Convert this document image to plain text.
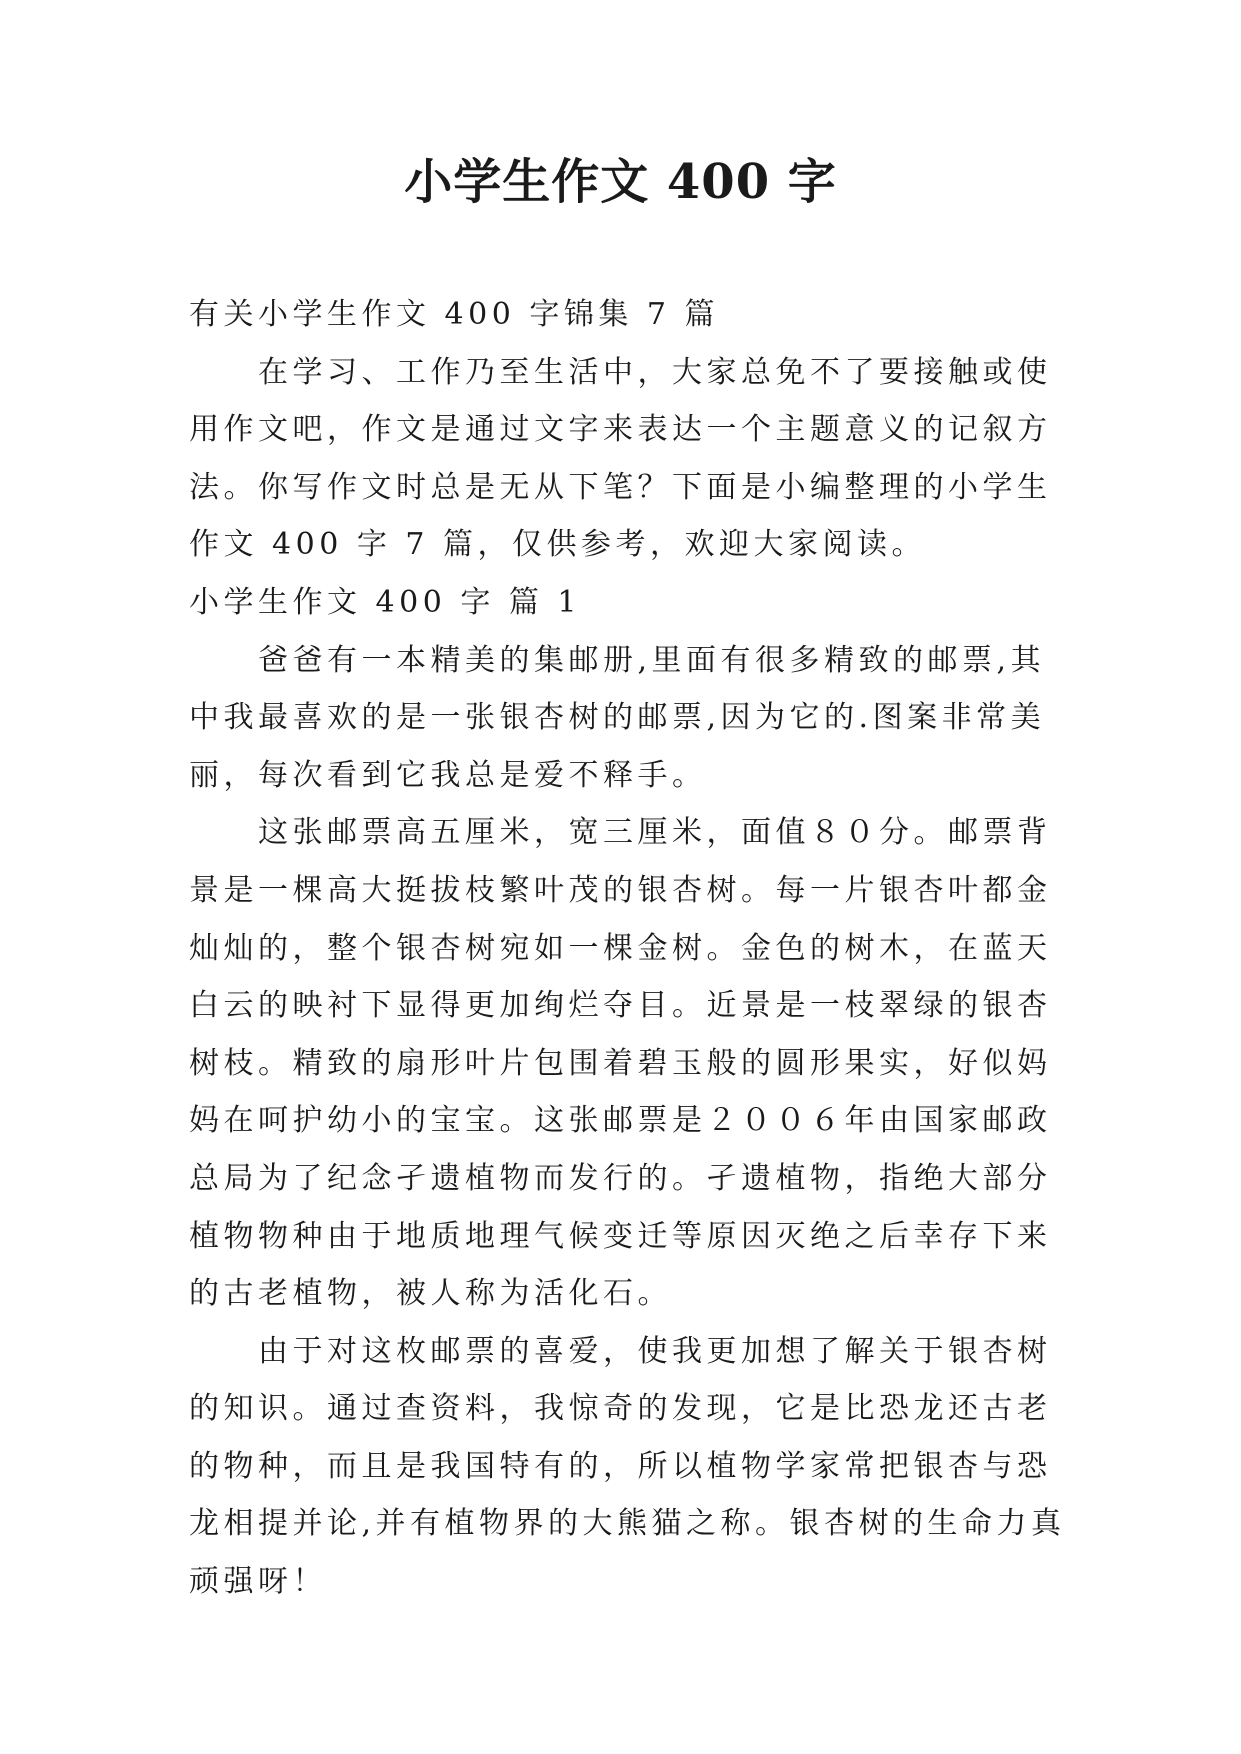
小学生作文 400 字

有关小学生作文 400 字锦集 7 篇

在学习、工作乃至生活中，大家总免不了要接触或使用作文吧，作文是通过文字来表达一个主题意义的记叙方法。你写作文时总是无从下笔？下面是小编整理的小学生作文 400 字 7 篇，仅供参考，欢迎大家阅读。

小学生作文 400 字 篇 1

爸爸有一本精美的集邮册,里面有很多精致的邮票,其中我最喜欢的是一张银杏树的邮票,因为它的.图案非常美丽，每次看到它我总是爱不释手。

这张邮票高五厘米，宽三厘米，面值８０分。邮票背景是一棵高大挺拔枝繁叶茂的银杏树。每一片银杏叶都金灿灿的，整个银杏树宛如一棵金树。金色的树木，在蓝天白云的映衬下显得更加绚烂夺目。近景是一枝翠绿的银杏树枝。精致的扇形叶片包围着碧玉般的圆形果实，好似妈妈在呵护幼小的宝宝。这张邮票是２００６年由国家邮政总局为了纪念孑遗植物而发行的。孑遗植物，指绝大部分植物物种由于地质地理气候变迁等原因灭绝之后幸存下来的古老植物，被人称为活化石。

由于对这枚邮票的喜爱，使我更加想了解关于银杏树的知识。通过查资料，我惊奇的发现，它是比恐龙还古老的物种，而且是我国特有的，所以植物学家常把银杏与恐龙相提并论,并有植物界的大熊猫之称。银杏树的生命力真顽强呀！
